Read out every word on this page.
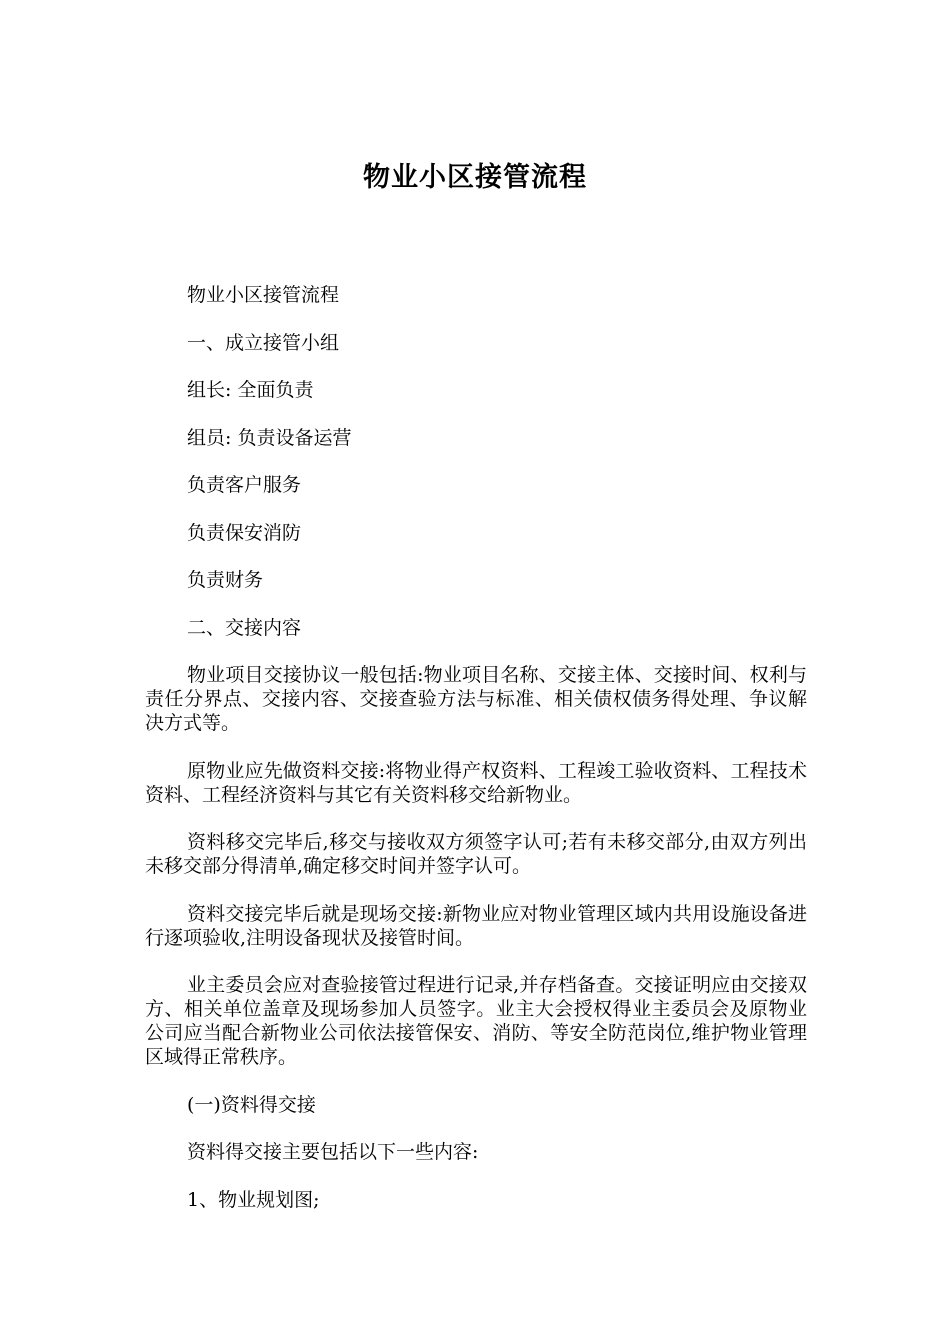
物业小区接管流程

物业小区接管流程

一、成立接管小组

组长: 全面负责

组员: 负责设备运营

负责客户服务

负责保安消防

负责财务

二、交接内容

物业项目交接协议一般包括:物业项目名称、交接主体、交接时间、权利与责任分界点、交接内容、交接查验方法与标准、相关债权债务得处理、争议解决方式等。

原物业应先做资料交接:将物业得产权资料、工程竣工验收资料、工程技术资料、工程经济资料与其它有关资料移交给新物业。

资料移交完毕后,移交与接收双方须签字认可;若有未移交部分,由双方列出未移交部分得清单,确定移交时间并签字认可。

资料交接完毕后就是现场交接:新物业应对物业管理区域内共用设施设备进行逐项验收,注明设备现状及接管时间。

业主委员会应对查验接管过程进行记录,并存档备查。交接证明应由交接双方、相关单位盖章及现场参加人员签字。业主大会授权得业主委员会及原物业公司应当配合新物业公司依法接管保安、消防、等安全防范岗位,维护物业管理区域得正常秩序。

(一)资料得交接

资料得交接主要包括以下一些内容:

1、物业规划图;
